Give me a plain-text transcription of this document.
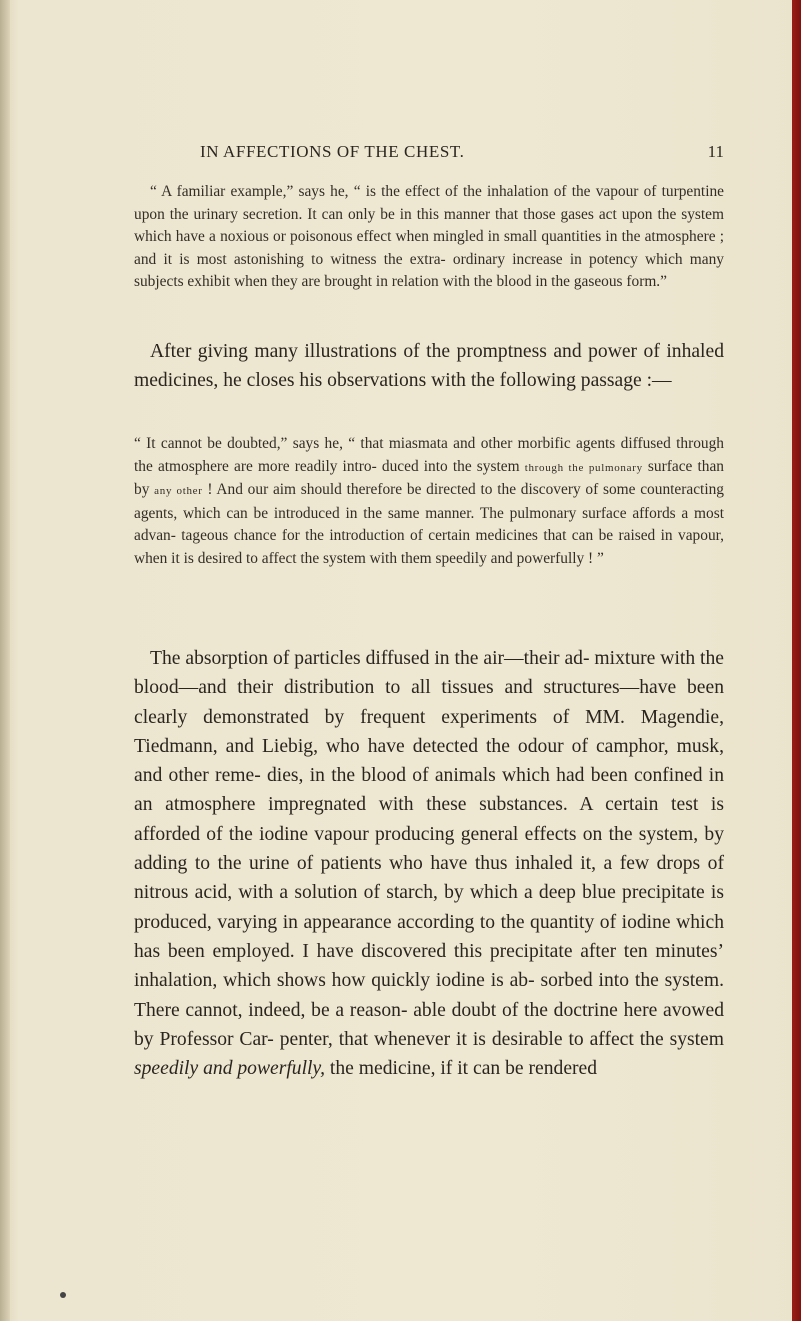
IN AFFECTIONS OF THE CHEST.	11

“ A familiar example,” says he, “ is the effect of the inhalation of the vapour of turpentine upon the urinary secretion. It can only be in this manner that those gases act upon the system which have a noxious or poisonous effect when mingled in small quantities in the atmosphere ; and it is most astonishing to witness the extra- ordinary increase in potency which many subjects exhibit when they are brought in relation with the blood in the gaseous form.”

After giving many illustrations of the promptness and power of inhaled medicines, he closes his observations with the following passage :—

“ It cannot be doubted,” says he, “ that miasmata and other morbific agents diffused through the atmosphere are more readily intro- duced into the system through the pulmonary surface than by any other ! And our aim should therefore be directed to the discovery of some counteracting agents, which can be introduced in the same manner. The pulmonary surface affords a most advan- tageous chance for the introduction of certain medicines that can be raised in vapour, when it is desired to affect the system with them speedily and powerfully ! ”

The absorption of particles diffused in the air—their ad- mixture with the blood—and their distribution to all tissues and structures—have been clearly demonstrated by frequent experiments of MM. Magendie, Tiedmann, and Liebig, who have detected the odour of camphor, musk, and other reme- dies, in the blood of animals which had been confined in an atmosphere impregnated with these substances. A certain test is afforded of the iodine vapour producing general effects on the system, by adding to the urine of patients who have thus inhaled it, a few drops of nitrous acid, with a solution of starch, by which a deep blue precipitate is produced, varying in appearance according to the quantity of iodine which has been employed. I have discovered this precipitate after ten minutes’ inhalation, which shows how quickly iodine is ab- sorbed into the system. There cannot, indeed, be a reason- able doubt of the doctrine here avowed by Professor Car- penter, that whenever it is desirable to affect the system speedily and powerfully, the medicine, if it can be rendered
